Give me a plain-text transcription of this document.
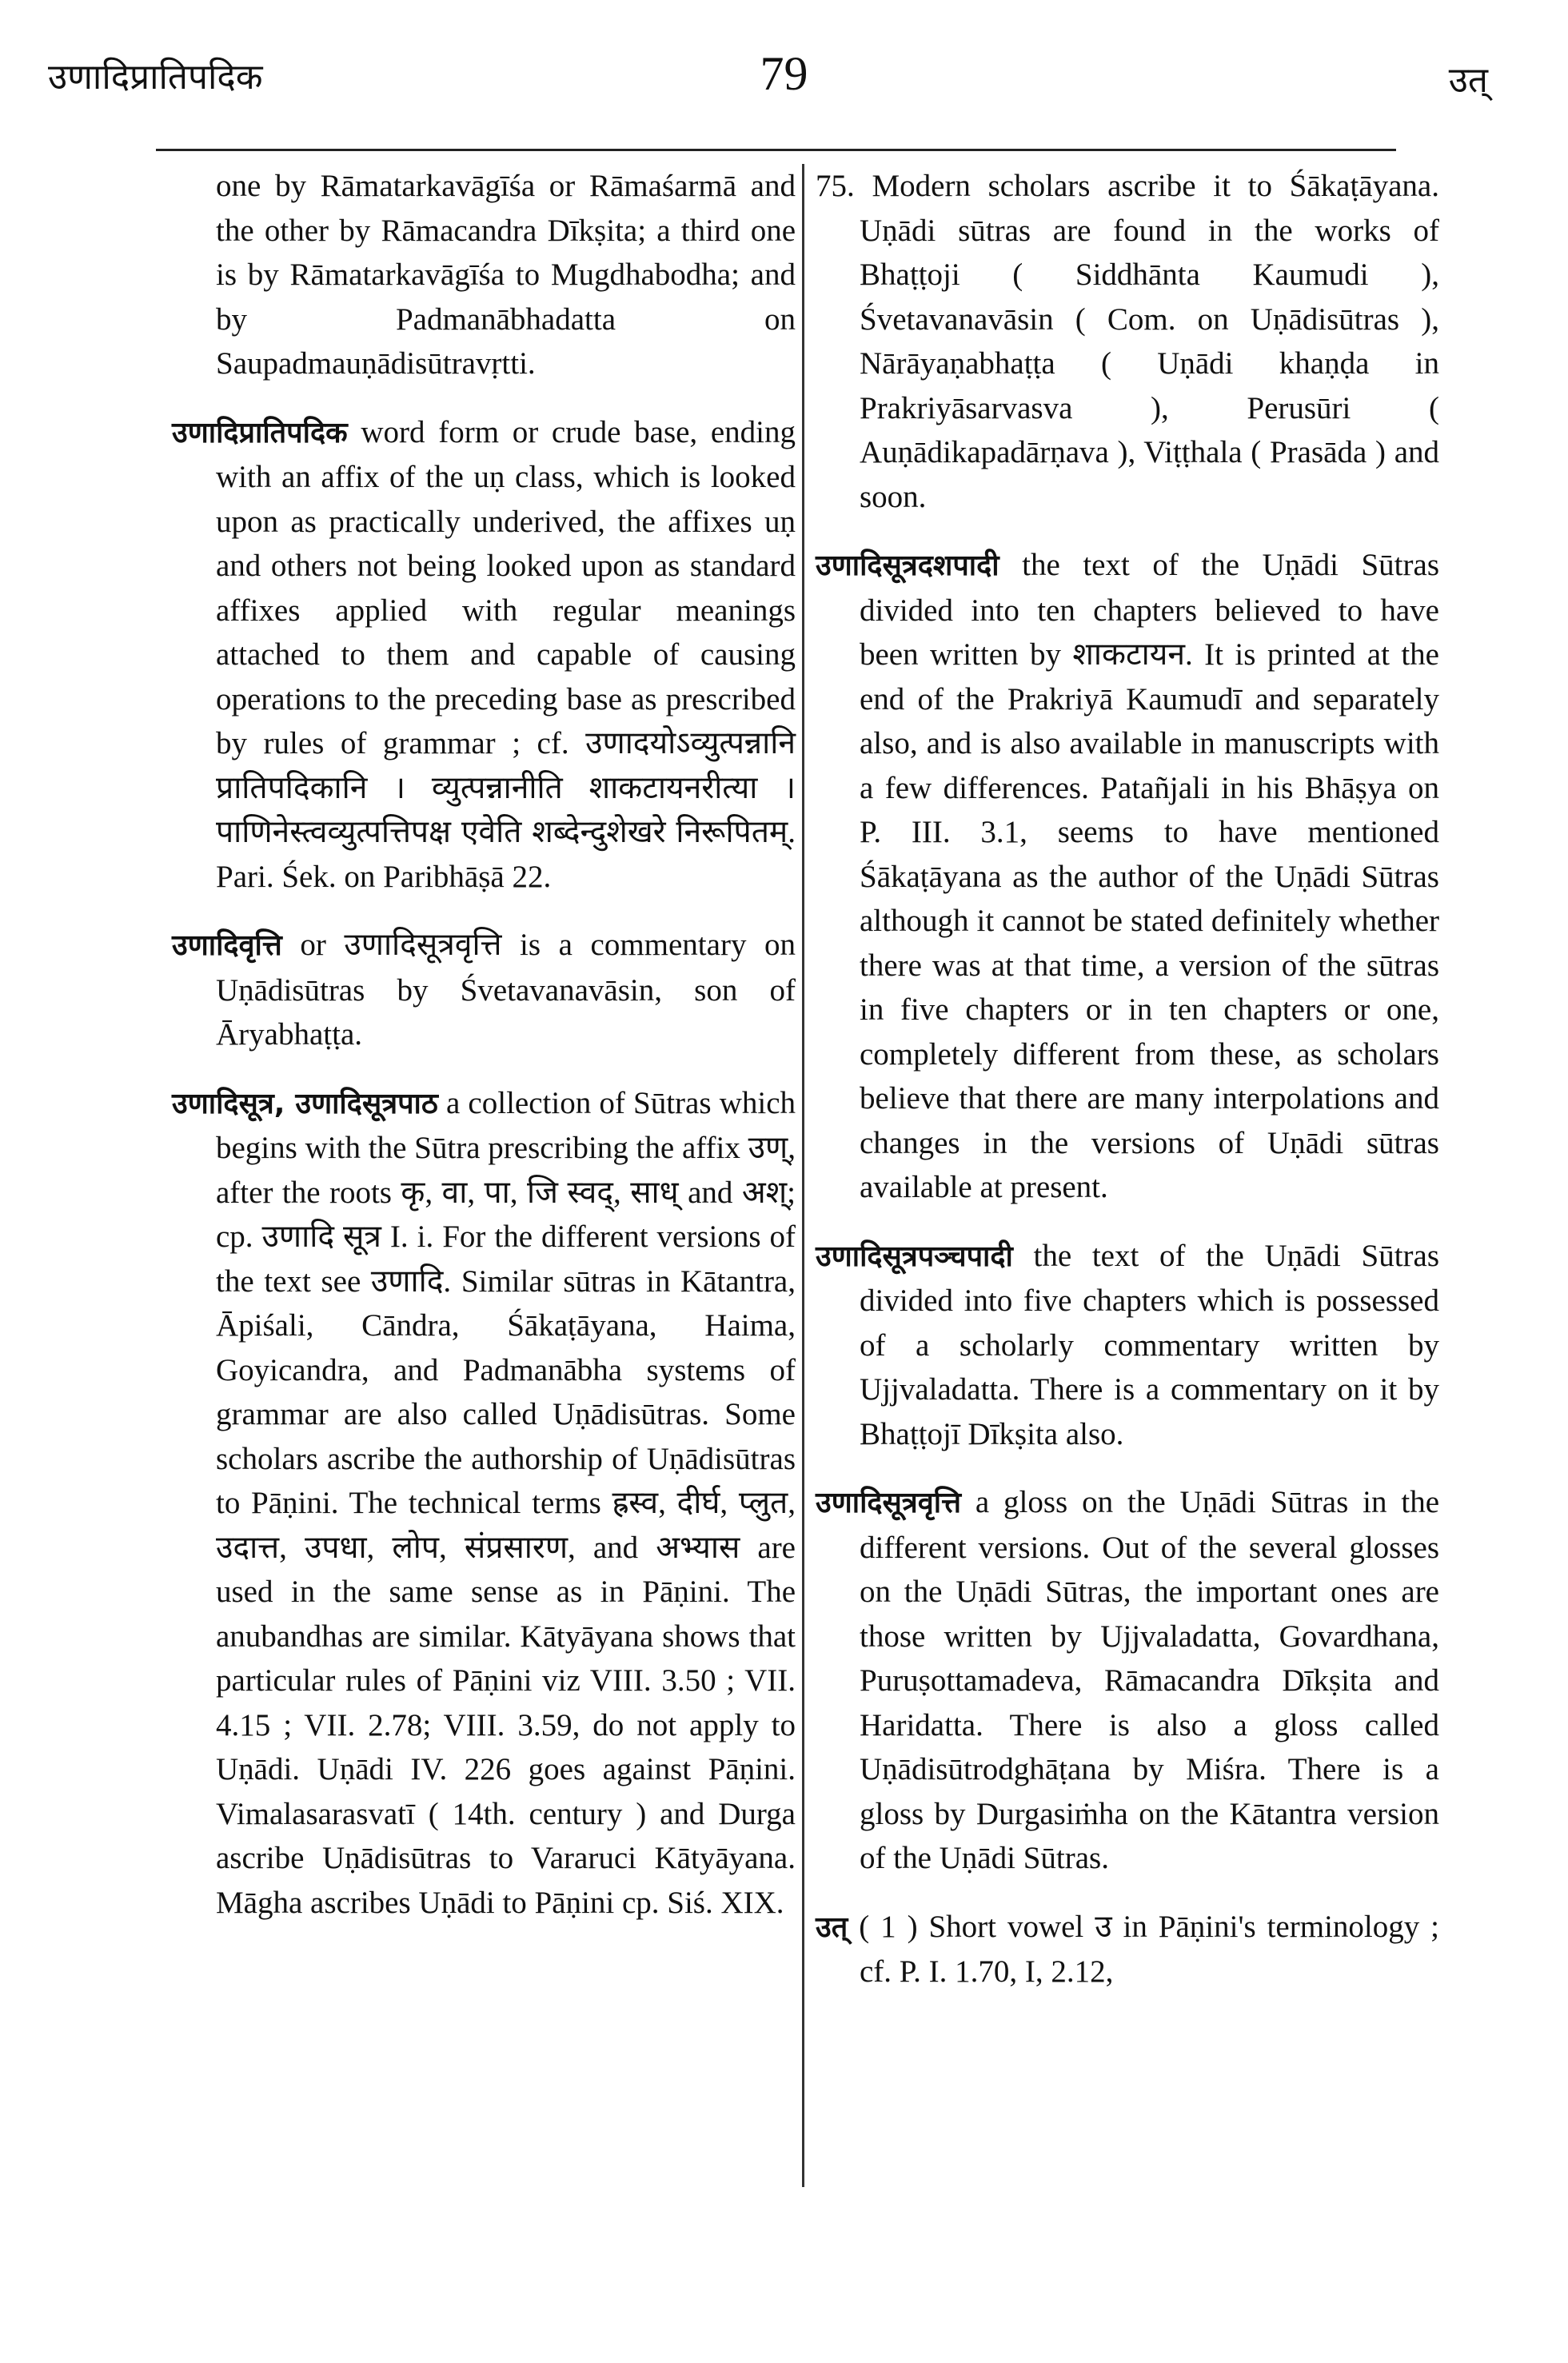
उणादिप्रातिपदिक	79	उत्

one by Rāmatarkavāgīśa or Rāmaśarmā and the other by Rāmacandra Dīkṣita; a third one is by Rāmatarkavāgīśa to Mugdhabodha; and by Padmanābhadatta on Saupadmauṇādisūtravṛtti.

उणादिप्रातिपदिक word form or crude base, ending with an affix of the uṇ class, which is looked upon as practically underived, the affixes uṇ and others not being looked upon as standard affixes applied with regular meanings attached to them and capable of causing operations to the preceding base as prescribed by rules of grammar ; cf. उणादयोऽव्युत्पन्नानि प्रातिपदिकानि । व्युत्पन्नानीति शाकटायनरीत्या । पाणिनेस्त्वव्युत्पत्तिपक्ष एवेति शब्देन्दुशेखरे निरूपितम्. Pari. Śek. on Paribhāṣā 22.

उणादिवृत्ति or उणादिसूत्रवृत्ति is a commentary on Uṇādisūtras by Śvetavanavāsin, son of Āryabhaṭṭa.

उणादिसूत्र, उणादिसूत्रपाठ a collection of Sūtras which begins with the Sūtra prescribing the affix उण्, after the roots कृ, वा, पा, जि स्वद्, साध् and अश्; cp. उणादि सूत्र I. i. For the different versions of the text see उणादि. Similar sūtras in Kātantra, Āpiśali, Cāndra, Śākaṭāyana, Haima, Goyicandra, and Padmanābha systems of grammar are also called Uṇādisūtras. Some scholars ascribe the authorship of Uṇādisūtras to Pāṇini. The technical terms ह्रस्व, दीर्घ, प्लुत, उदात्त, उपधा, लोप, संप्रसारण, and अभ्यास are used in the same sense as in Pāṇini. The anubandhas are similar. Kātyāyana shows that particular rules of Pāṇini viz VIII. 3.50 ; VII. 4.15 ; VII. 2.78; VIII. 3.59, do not apply to Uṇādi. Uṇādi IV. 226 goes against Pāṇini. Vimalasarasvatī ( 14th. century ) and Durga ascribe Uṇādisūtras to Vararuci Kātyāyana. Māgha ascribes Uṇādi to Pāṇini cp. Siś. XIX.

75. Modern scholars ascribe it to Śākaṭāyana. Uṇādi sūtras are found in the works of Bhaṭṭoji ( Siddhānta Kaumudi ), Śvetavanavāsin ( Com. on Uṇādisūtras ), Nārāyaṇabhaṭṭa ( Uṇādi khaṇḍa in Prakriyāsarvasva ), Perusūri ( Auṇādikapadārṇava ), Viṭṭhala ( Prasāda ) and soon.

उणादिसूत्रदशपादी the text of the Uṇādi Sūtras divided into ten chapters believed to have been written by शाकटायन. It is printed at the end of the Prakriyā Kaumudī and separately also, and is also available in manuscripts with a few differences. Patañjali in his Bhāṣya on P. III. 3.1, seems to have mentioned Śākaṭāyana as the author of the Uṇādi Sūtras although it cannot be stated definitely whether there was at that time, a version of the sūtras in five chapters or in ten chapters or one, completely different from these, as scholars believe that there are many interpolations and changes in the versions of Uṇādi sūtras available at present.

उणादिसूत्रपञ्चपादी the text of the Uṇādi Sūtras divided into five chapters which is possessed of a scholarly commentary written by Ujjvaladatta. There is a commentary on it by Bhaṭṭojī Dīkṣita also.

उणादिसूत्रवृत्ति a gloss on the Uṇādi Sūtras in the different versions. Out of the several glosses on the Uṇādi Sūtras, the important ones are those written by Ujjvaladatta, Govardhana, Puruṣottamadeva, Rāmacandra Dīkṣita and Haridatta. There is also a gloss called Uṇādisūtrodghāṭana by Miśra. There is a gloss by Durgasiṁha on the Kātantra version of the Uṇādi Sūtras.

उत् ( 1 ) Short vowel उ in Pāṇini's terminology ; cf. P. I. 1.70, I, 2.12,
